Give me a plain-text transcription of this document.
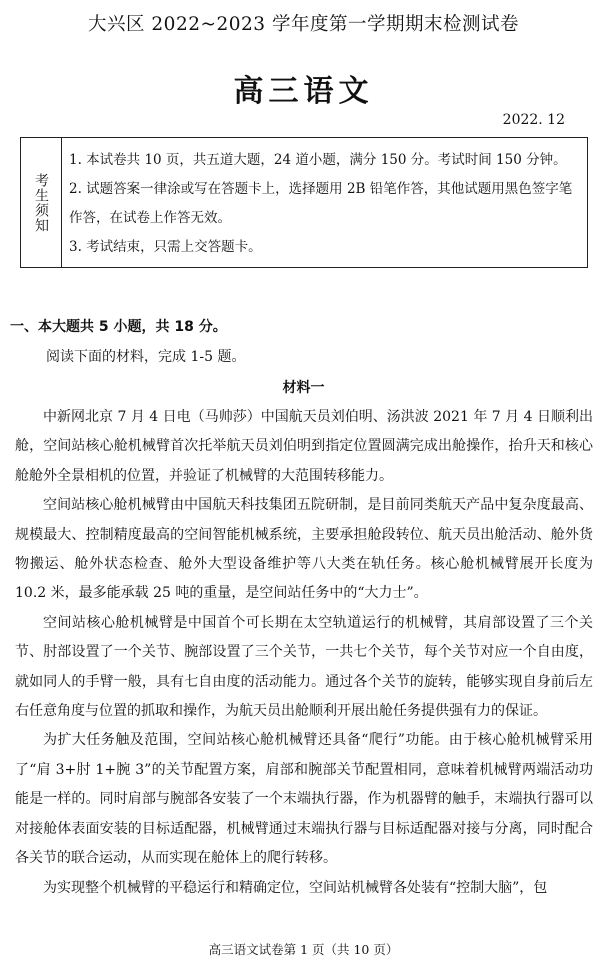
大兴区 2022~2023 学年度第一学期期末检测试卷
高三语文
2022. 12
考生须知
1. 本试卷共 10 页，共五道大题，24 道小题，满分 150 分。考试时间 150 分钟。
2. 试题答案一律涂或写在答题卡上，选择题用 2B 铅笔作答，其他试题用黑色签字笔作答，在试卷上作答无效。
3. 考试结束，只需上交答题卡。
一、本大题共 5 小题，共 18 分。
阅读下面的材料，完成 1-5 题。
材料一

中新网北京 7 月 4 日电（马帅莎）中国航天员刘伯明、汤洪波 2021 年 7 月 4 日顺利出舱，空间站核心舱机械臂首次托举航天员刘伯明到指定位置圆满完成出舱操作，抬升天和核心舱舱外全景相机的位置，并验证了机械臂的大范围转移能力。

空间站核心舱机械臂由中国航天科技集团五院研制，是目前同类航天产品中复杂度最高、规模最大、控制精度最高的空间智能机械系统，主要承担舱段转位、航天员出舱活动、舱外货物搬运、舱外状态检查、舱外大型设备维护等八大类在轨任务。核心舱机械臂展开长度为 10.2 米，最多能承载 25 吨的重量，是空间站任务中的“大力士”。

空间站核心舱机械臂是中国首个可长期在太空轨道运行的机械臂，其肩部设置了三个关节、肘部设置了一个关节、腕部设置了三个关节，一共七个关节，每个关节对应一个自由度，就如同人的手臂一般，具有七自由度的活动能力。通过各个关节的旋转，能够实现自身前后左右任意角度与位置的抓取和操作，为航天员出舱顺利开展出舱任务提供强有力的保证。

为扩大任务触及范围，空间站核心舱机械臂还具备“爬行”功能。由于核心舱机械臂采用了“肩 3+肘 1+腕 3”的关节配置方案，肩部和腕部关节配置相同，意味着机械臂两端活动功能是一样的。同时肩部与腕部各安装了一个末端执行器，作为机器臂的触手，末端执行器可以对接舱体表面安装的目标适配器，机械臂通过末端执行器与目标适配器对接与分离，同时配合各关节的联合运动，从而实现在舱体上的爬行转移。

为实现整个机械臂的平稳运行和精确定位，空间站机械臂各处装有“控制大脑”，包

高三语文试卷第 1 页（共 10 页）
